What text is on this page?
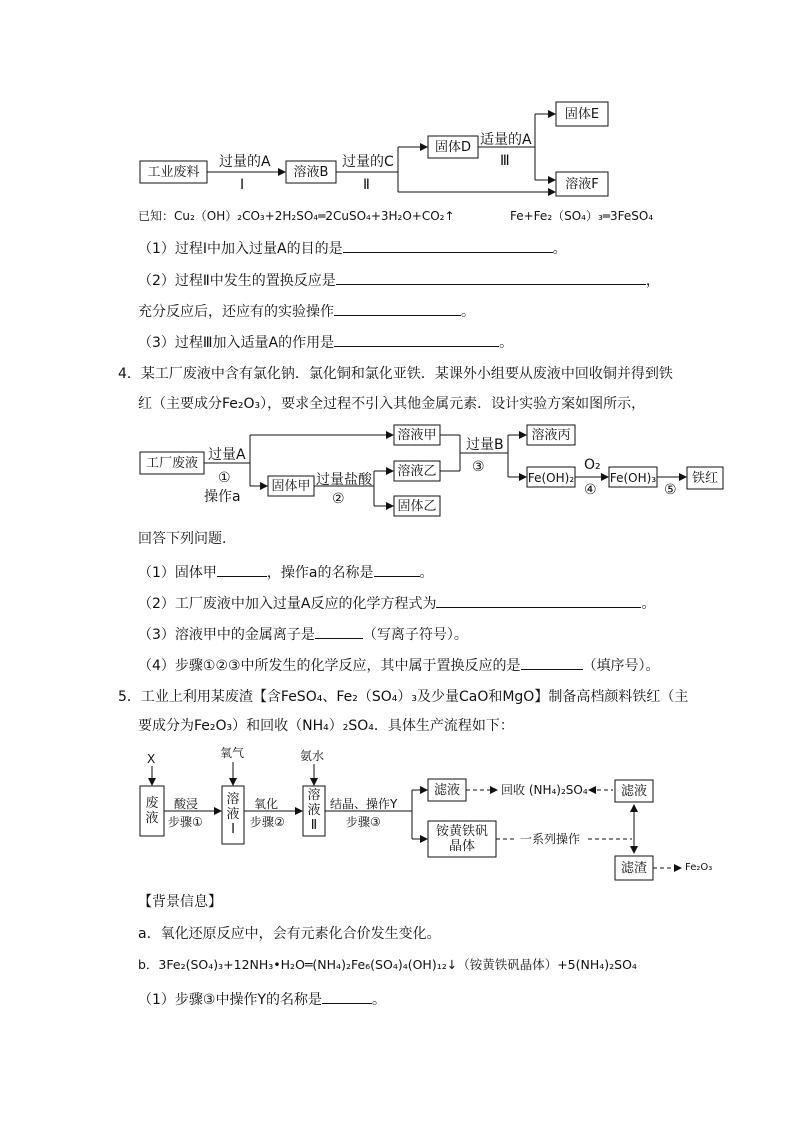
工业废料
过量的A
Ⅰ
溶液B
过量的C
Ⅱ
固体D 适量的A
Ⅲ
固体E
溶液F
已知：Cu₂（OH）₂CO₃+2H₂SO₄═2CuSO₄+3H₂O+CO₂↑	Fe+Fe₂（SO₄）₃═3FeSO₄
（1）过程Ⅰ中加入过量A的目的是	。
（2）过程Ⅱ中发生的置换反应是	，
充分反应后，还应有的实验操作	。
（3）过程Ⅲ加入适量A的作用是	。
4．某工厂废液中含有氯化钠．氯化铜和氯化亚铁．某课外小组要从废液中回收铜并得到铁
红（主要成分Fe₂O₃），要求全过程不引入其他金属元素．设计实验方案如图所示，
工厂废液
过量A
①
操作a
溶液甲
固体甲 过量盐酸
②
溶液乙
固体乙
过量B
③
溶液丙
Fe(OH)₂
O₂
④
Fe(OH)₃
⑤
铁红
回答下列问题．
（1）固体甲	，操作a的名称是	。
（2）工厂废液中加入过量A反应的化学方程式为	。
（3）溶液甲中的金属离子是	（写离子符号）。
（4）步骤①②③中所发生的化学反应，其中属于置换反应的是	（填序号）。
5．工业上利用某废渣【含FeSO₄、Fe₂（SO₄）₃及少量CaO和MgO】制备高档颜料铁红（主
要成分为Fe₂O₃）和回收（NH₄）₂SO₄．具体生产流程如下：
X
废液
酸浸
步骤①
氧气
溶液Ⅰ
氧化
步骤②
氨水
溶液Ⅱ
结晶、操作Y
步骤③
滤液	回收 (NH₄)₂SO₄	滤液
铵黄铁矾晶体	一系列操作
滤渣	Fe₂O₃
【背景信息】
a．氧化还原反应中，会有元素化合价发生变化。
b．3Fe₂(SO₄)₃+12NH₃•H₂O═(NH₄)₂Fe₆(SO₄)₄(OH)₁₂↓（铵黄铁矾晶体）+5(NH₄)₂SO₄
（1）步骤③中操作Y的名称是	。
